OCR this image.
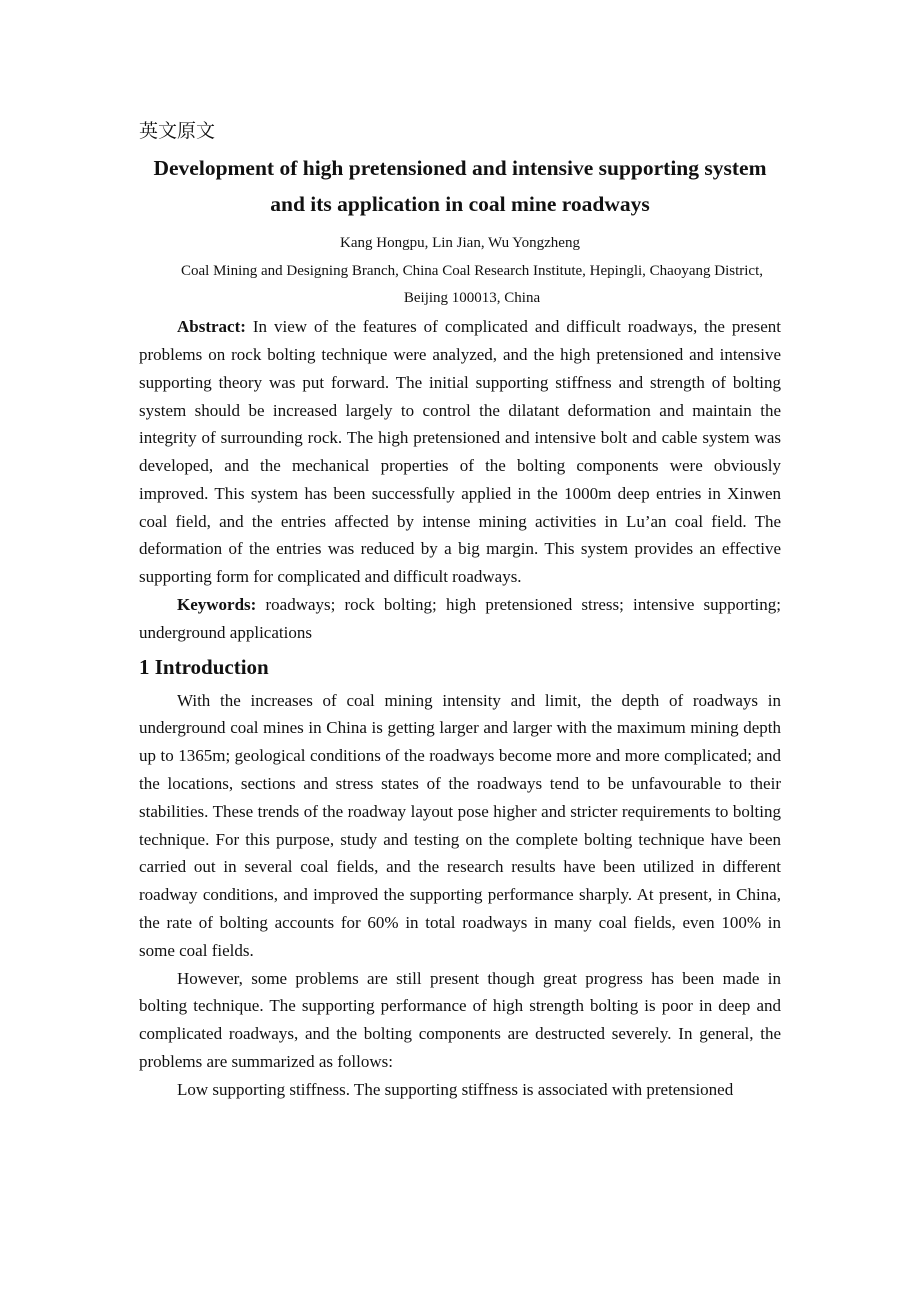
英文原文
Development of high pretensioned and intensive supporting system
and its application in coal mine roadways
Kang Hongpu, Lin Jian, Wu Yongzheng
Coal Mining and Designing Branch, China Coal Research Institute, Hepingli, Chaoyang District, Beijing 100013, China

Abstract: In view of the features of complicated and difficult roadways, the present problems on rock bolting technique were analyzed, and the high pretensioned and intensive supporting theory was put forward. The initial supporting stiffness and strength of bolting system should be increased largely to control the dilatant deformation and maintain the integrity of surrounding rock. The high pretensioned and intensive bolt and cable system was developed, and the mechanical properties of the bolting components were obviously improved. This system has been successfully applied in the 1000m deep entries in Xinwen coal field, and the entries affected by intense mining activities in Lu’an coal field. The deformation of the entries was reduced by a big margin. This system provides an effective supporting form for complicated and difficult roadways.

Keywords: roadways; rock bolting; high pretensioned stress; intensive supporting; underground applications

1 Introduction

With the increases of coal mining intensity and limit, the depth of roadways in underground coal mines in China is getting larger and larger with the maximum mining depth up to 1365m; geological conditions of the roadways become more and more complicated; and the locations, sections and stress states of the roadways tend to be unfavourable to their stabilities. These trends of the roadway layout pose higher and stricter requirements to bolting technique. For this purpose, study and testing on the complete bolting technique have been carried out in several coal fields, and the research results have been utilized in different roadway conditions, and improved the supporting performance sharply. At present, in China, the rate of bolting accounts for 60% in total roadways in many coal fields, even 100% in some coal fields.

However, some problems are still present though great progress has been made in bolting technique. The supporting performance of high strength bolting is poor in deep and complicated roadways, and the bolting components are destructed severely. In general, the problems are summarized as follows:

Low supporting stiffness. The supporting stiffness is associated with pretensioned
